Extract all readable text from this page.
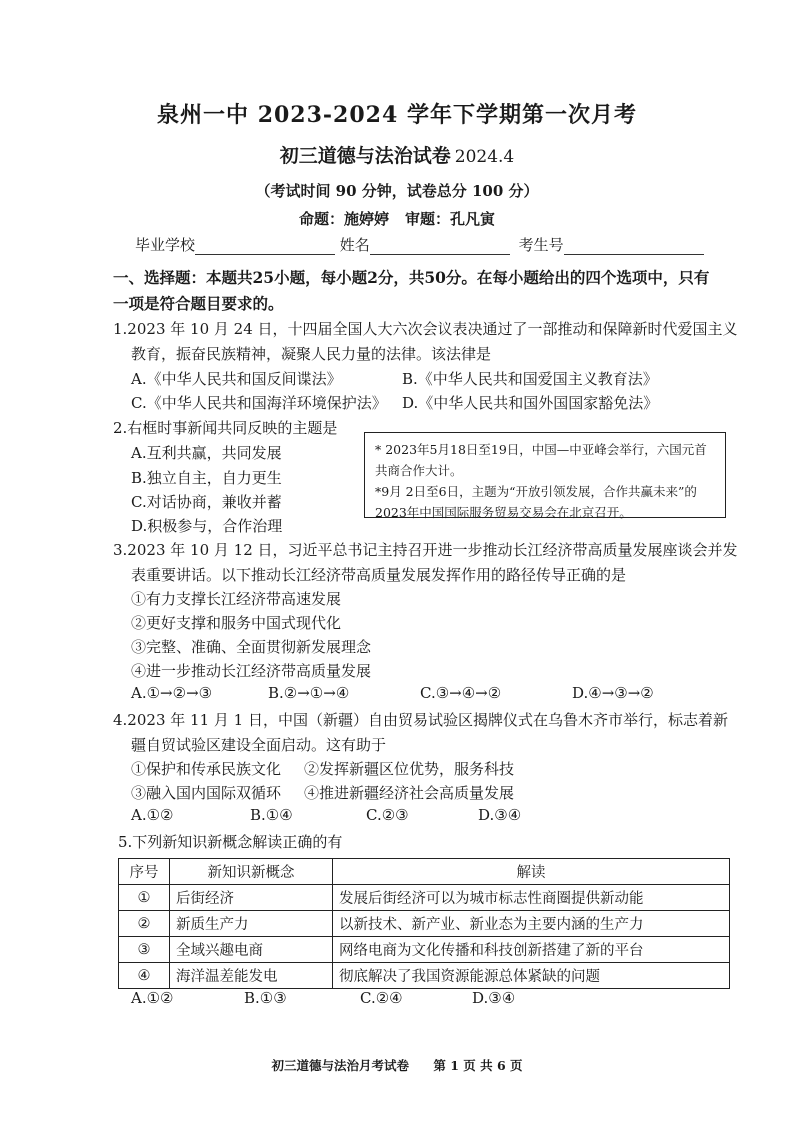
泉州一中 2023-2024 学年下学期第一次月考
初三道德与法治试卷 2024.4
（考试时间 90 分钟，试卷总分 100 分）
命题：施婷婷 审题：孔凡寅
毕业学校	姓名	考生号
一、选择题：本题共25小题，每小题2分，共50分。在每小题给出的四个选项中，只有一项是符合题目要求的。
1.2023 年 10 月 24 日，十四届全国人大六次会议表决通过了一部推动和保障新时代爱国主义
教育，振奋民族精神，凝聚人民力量的法律。该法律是
A.《中华人民共和国反间谍法》	B.《中华人民共和国爱国主义教育法》
C.《中华人民共和国海洋环境保护法》 D.《中华人民共和国外国国家豁免法》
2.右框时事新闻共同反映的主题是
A.互利共赢，共同发展
B.独立自主，自力更生
C.对话协商，兼收并蓄
D.积极参与，合作治理
* 2023年5月18日至19日，中国—中亚峰会举行，六国元首共商合作大计。
*9月 2日至6日，主题为“开放引领发展，合作共赢未来”的2023年中国国际服务贸易交易会在北京召开。
3.2023 年 10 月 12 日，习近平总书记主持召开进一步推动长江经济带高质量发展座谈会并发
表重要讲话。以下推动长江经济带高质量发展发挥作用的路径传导正确的是
①有力支撑长江经济带高速发展
②更好支撑和服务中国式现代化
③完整、准确、全面贯彻新发展理念
④进一步推动长江经济带高质量发展
A.①→②→③	B.②→①→④	C.③→④→②	D.④→③→②
4.2023 年 11 月 1 日，中国（新疆）自由贸易试验区揭牌仪式在乌鲁木齐市举行，标志着新
疆自贸试验区建设全面启动。这有助于
①保护和传承民族文化 ②发挥新疆区位优势，服务科技
③融入国内国际双循环 ④推进新疆经济社会高质量发展
A.①②	B.①④	C.②③	D.③④
5.下列新知识新概念解读正确的有
序号	新知识新概念	解读
①	后街经济	发展后街经济可以为城市标志性商圈提供新动能
②	新质生产力	以新技术、新产业、新业态为主要内涵的生产力
③	全域兴趣电商	网络电商为文化传播和科技创新搭建了新的平台
④	海洋温差能发电	彻底解决了我国资源能源总体紧缺的问题
A.①②	B.①③	C.②④	D.③④
初三道德与法治月考试卷 第 1 页 共 6 页
